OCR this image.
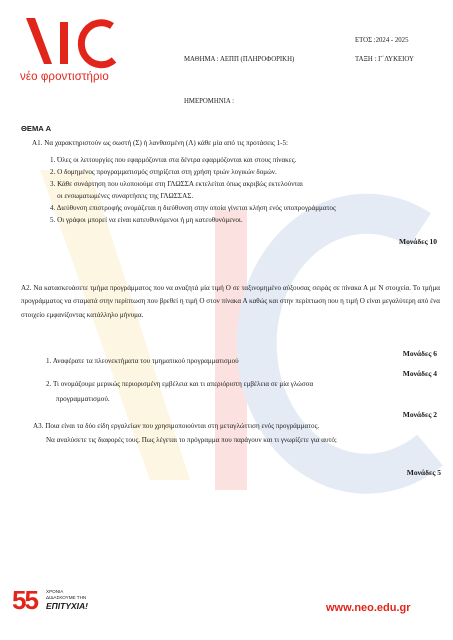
νέο φροντιστήριο
ΕΤΟΣ :2024 - 2025
ΜΑΘΗΜΑ : ΑΕΠΠ (ΠΛΗΡΟΦΟΡΙΚΗ)	ΤΑΞΗ : Γ΄ΛΥΚΕΙΟΥ
ΗΜΕΡΟΜΗΝΙΑ :
ΘΕΜΑ Α
Α1. Να χαρακτηριστούν ως σωστή (Σ) ή λανθασμένη (Λ) κάθε μία από τις προτάσεις 1-5:
1. Όλες οι λειτουργίες που εφαρμόζονται στα δέντρα εφαρμόζονται και στους πίνακες.
2. Ο δομημένος προγραμματισμός στηρίζεται στη χρήση τριών λογικών δομών.
3. Κάθε συνάρτηση που υλοποιούμε στη ΓΛΩΣΣΑ εκτελείται όπως ακριβώς εκτελούνται
οι ενσωματωμένες συναρτήσεις της ΓΛΩΣΣΑΣ.
4. Διεύθυνση επιστροφής ονομάζεται η διεύθυνση στην οποία γίνεται κλήση ενός υποπρογράμματος
5. Οι γράφοι μπορεί να είναι κατευθυνόμενοι ή μη κατευθυνόμενοι.
Μονάδες 10
Α2. Να κατασκευάσετε τμήμα προγράμματος που να αναζητά μία τιμή Ο σε ταξινομημένο αύξουσας σειράς σε πίνακα Α με Ν στοιχεία. Το τμήμα προγράμματος να σταματά στην περίπτωση που βρεθεί η τιμή Ο στον πίνακα Α καθώς και στην περίπτωση που η τιμή Ο είναι μεγαλύτερη από ένα στοιχείο εμφανίζοντας κατάλληλο μήνυμα.
Μονάδες 6
1. Αναφέρατε τα πλεονεκτήματα του τμηματικού προγραμματισμού
Μονάδες 4
2. Τι ονομάζουμε μερικώς περιορισμένη εμβέλεια και τι απεριόριστη εμβέλεια σε μία γλώσσα
προγραμματισμού.
Μονάδες 2
Α3. Ποια είναι τα δύο είδη εργαλείων που χρησιμοποιούνται στη μεταγλώττιση ενός προγράμματος.
Να αναλύσετε τις διαφορές τους. Πως λέγεται το πρόγραμμα που παράγουν και τι γνωρίζετε για αυτό;
Μονάδες 5
55 ΧΡΟΝΙΑ
ΔΙΔΑΣΚΟΥΜΕ ΤΗΝ
ΕΠΙΤΥΧΙΑ!	www.neo.edu.gr
